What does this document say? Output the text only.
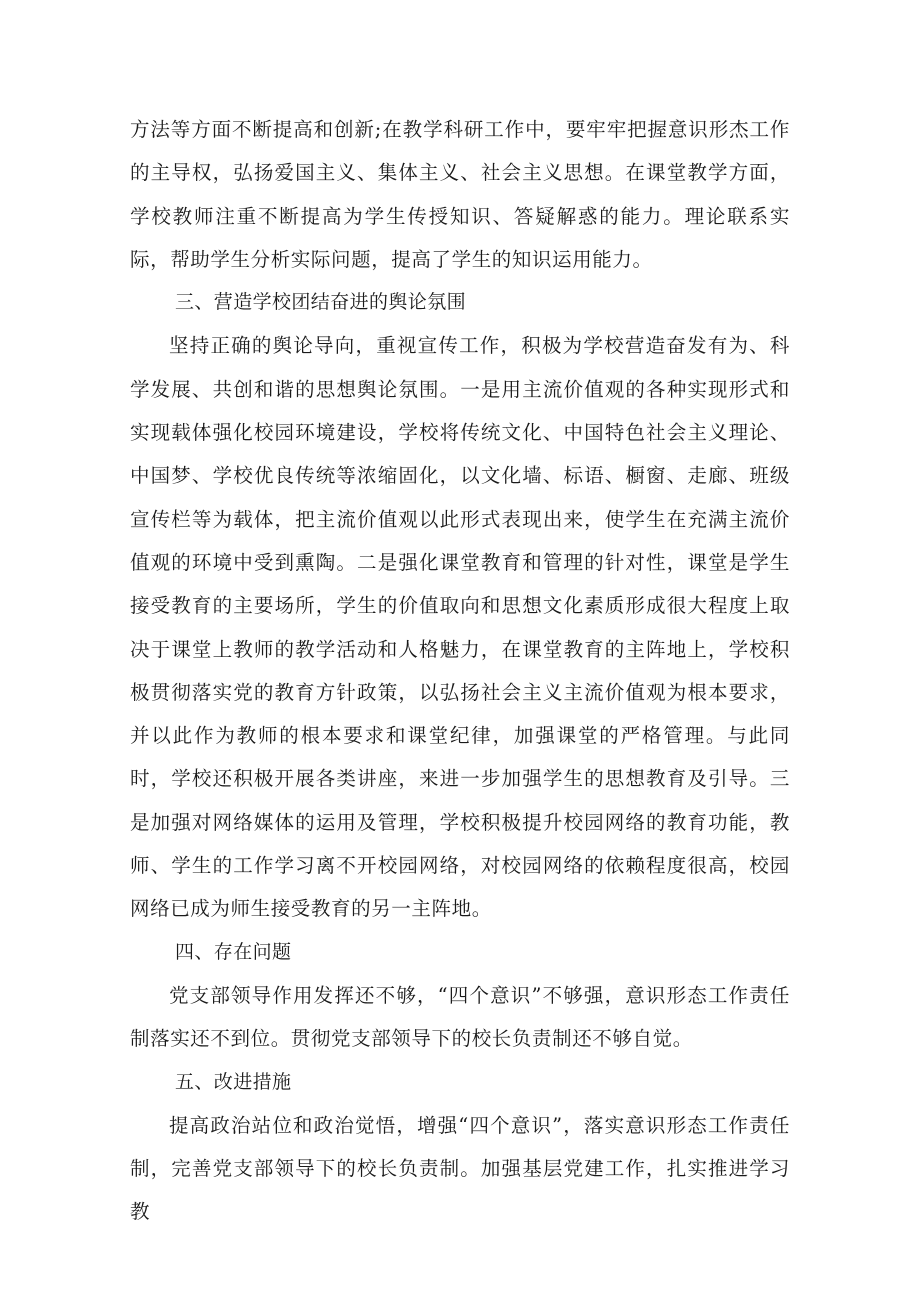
方法等方面不断提高和创新;在教学科研工作中，要牢牢把握意识形杰工作的主导权，弘扬爱国主义、集体主义、社会主义思想。在课堂教学方面，学校教师注重不断提高为学生传授知识、答疑解惑的能力。理论联系实际，帮助学生分析实际问题，提高了学生的知识运用能力。

三、营造学校团结奋进的舆论氛围

坚持正确的舆论导向，重视宣传工作，积极为学校营造奋发有为、科学发展、共创和谐的思想舆论氛围。一是用主流价值观的各种实现形式和实现载体强化校园环境建设，学校将传统文化、中国特色社会主义理论、中国梦、学校优良传统等浓缩固化，以文化墙、标语、橱窗、走廊、班级宣传栏等为载体，把主流价值观以此形式表现出来，使学生在充满主流价值观的环境中受到熏陶。二是强化课堂教育和管理的针对性，课堂是学生接受教育的主要场所，学生的价值取向和思想文化素质形成很大程度上取决于课堂上教师的教学活动和人格魅力，在课堂教育的主阵地上，学校积极贯彻落实党的教育方针政策，以弘扬社会主义主流价值观为根本要求，并以此作为教师的根本要求和课堂纪律，加强课堂的严格管理。与此同时，学校还积极开展各类讲座，来进一步加强学生的思想教育及引导。三是加强对网络媒体的运用及管理，学校积极提升校园网络的教育功能，教师、学生的工作学习离不开校园网络，对校园网络的依赖程度很高，校园网络已成为师生接受教育的另一主阵地。

四、存在问题

党支部领导作用发挥还不够，“四个意识”不够强，意识形态工作责任制落实还不到位。贯彻党支部领导下的校长负责制还不够自觉。

五、改进措施

提高政治站位和政治觉悟，增强“四个意识”，落实意识形态工作责任制，完善党支部领导下的校长负责制。加强基层党建工作，扎实推进学习教
